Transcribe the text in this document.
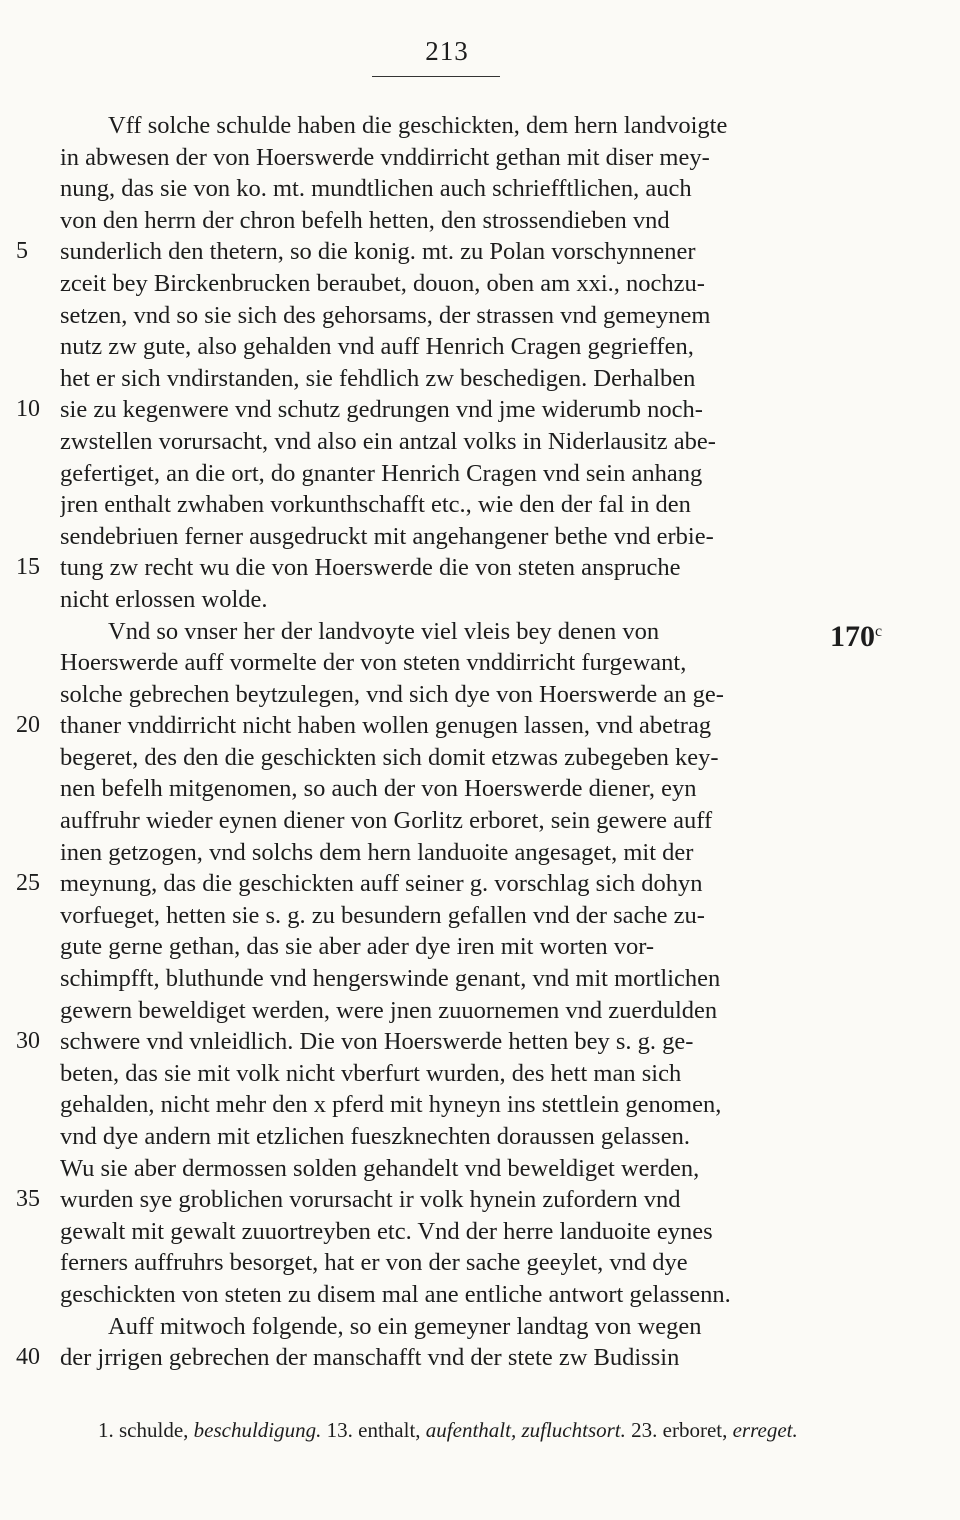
213
Vff solche schulde haben die geschickten, dem hern landvoigte
in abwesen der von Hoerswerde vnddirricht gethan mit diser mey-
nung, das sie von ko. mt. mundtlichen auch schriefftlichen, auch
von den herrn der chron befelh hetten, den strossendieben vnd
sunderlich den thetern, so die konig. mt. zu Polan vorschynnener
zceit bey Birckenbrucken beraubet, douon, oben am xxi., nochzu-
setzen, vnd so sie sich des gehorsams, der strassen vnd gemeynem
nutz zw gute, also gehalden vnd auff Henrich Cragen gegrieffen,
het er sich vndirstanden, sie fehdlich zw beschedigen. Derhalben
sie zu kegenwere vnd schutz gedrungen vnd jme widerumb noch-
zwstellen vorursacht, vnd also ein antzal volks in Niderlausitz abe-
gefertiget, an die ort, do gnanter Henrich Cragen vnd sein anhang
jren enthalt zwhaben vorkunthschafft etc., wie den der fal in den
sendebriuen ferner ausgedruckt mit angehangener bethe vnd erbie-
tung zw recht wu die von Hoerswerde die von steten anspruche
nicht erlossen wolde.
Vnd so vnser her der landvoyte viel vleis bey denen von
Hoerswerde auff vormelte der von steten vnddirricht furgewant,
solche gebrechen beytzulegen, vnd sich dye von Hoerswerde an ge-
thaner vnddirricht nicht haben wollen genugen lassen, vnd abetrag
begeret, des den die geschickten sich domit etzwas zubegeben key-
nen befelh mitgenomen, so auch der von Hoerswerde diener, eyn
auffruhr wieder eynen diener von Gorlitz erboret, sein gewere auff
inen getzogen, vnd solchs dem hern landuoite angesaget, mit der
meynung, das die geschickten auff seiner g. vorschlag sich dohyn
vorfueget, hetten sie s. g. zu besundern gefallen vnd der sache zu-
gute gerne gethan, das sie aber ader dye iren mit worten vor-
schimpfft, bluthunde vnd hengerswinde genant, vnd mit mortlichen
gewern beweldiget werden, were jnen zuuornemen vnd zuerdulden
schwere vnd vnleidlich. Die von Hoerswerde hetten bey s. g. ge-
beten, das sie mit volk nicht vberfurt wurden, des hett man sich
gehalden, nicht mehr den x pferd mit hyneyn ins stettlein genomen,
vnd dye andern mit etzlichen fueszknechten doraussen gelassen.
Wu sie aber dermossen solden gehandelt vnd beweldiget werden,
wurden sye groblichen vorursacht ir volk hynein zufordern vnd
gewalt mit gewalt zuuortreyben etc. Vnd der herre landuoite eynes
ferners auffruhrs besorget, hat er von der sache geeylet, vnd dye
geschickten von steten zu disem mal ane entliche antwort gelassenn.
Auff mitwoch folgende, so ein gemeyner landtag von wegen
der jrrigen gebrechen der manschafft vnd der stete zw Budissin
170$^c$
5
10
15
20
25
30
35
40
1. schulde, beschuldigung. 13. enthalt, aufenthalt, zufluchtsort. 23. erboret, erreget.
